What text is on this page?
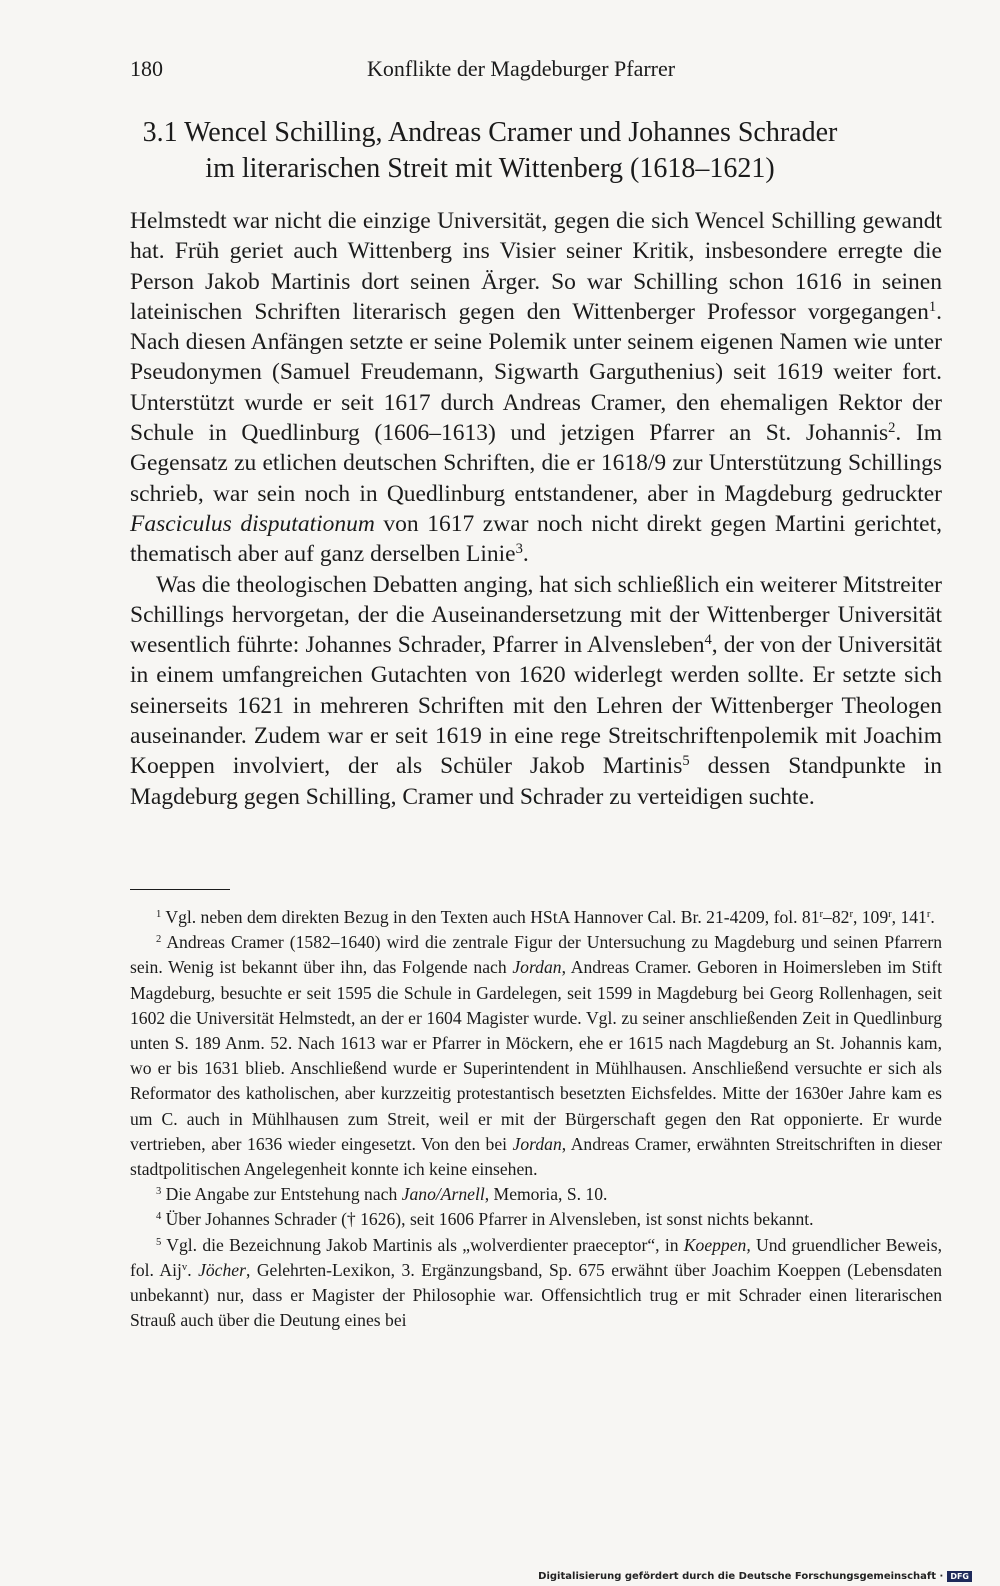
180	Konflikte der Magdeburger Pfarrer
3.1 Wencel Schilling, Andreas Cramer und Johannes Schrader
im literarischen Streit mit Wittenberg (1618–1621)

Helmstedt war nicht die einzige Universität, gegen die sich Wencel Schilling gewandt hat. Früh geriet auch Wittenberg ins Visier seiner Kritik, insbesondere erregte die Person Jakob Martinis dort seinen Ärger. So war Schilling schon 1616 in seinen lateinischen Schriften literarisch gegen den Wittenberger Professor vorgegangen$^1$. Nach diesen Anfängen setzte er seine Polemik unter seinem eigenen Namen wie unter Pseudonymen (Samuel Freudemann, Sigwarth Garguthenius) seit 1619 weiter fort. Unterstützt wurde er seit 1617 durch Andreas Cramer, den ehemaligen Rektor der Schule in Quedlinburg (1606–1613) und jetzigen Pfarrer an St. Johannis$^2$. Im Gegensatz zu etlichen deutschen Schriften, die er 1618/9 zur Unterstützung Schillings schrieb, war sein noch in Quedlinburg entstandener, aber in Magdeburg gedruckter Fasciculus disputationum von 1617 zwar noch nicht direkt gegen Martini gerichtet, thematisch aber auf ganz derselben Linie$^3$.

Was die theologischen Debatten anging, hat sich schließlich ein weiterer Mitstreiter Schillings hervorgetan, der die Auseinandersetzung mit der Wittenberger Universität wesentlich führte: Johannes Schrader, Pfarrer in Alvensleben$^4$, der von der Universität in einem umfangreichen Gutachten von 1620 widerlegt werden sollte. Er setzte sich seinerseits 1621 in mehreren Schriften mit den Lehren der Wittenberger Theologen auseinander. Zudem war er seit 1619 in eine rege Streitschriftenpolemik mit Joachim Koeppen involviert, der als Schüler Jakob Martinis$^5$ dessen Standpunkte in Magdeburg gegen Schilling, Cramer und Schrader zu verteidigen suchte.

$^1$ Vgl. neben dem direkten Bezug in den Texten auch HStA Hannover Cal. Br. 21-4209, fol. 81$^r$–82$^r$, 109$^r$, 141$^r$.

$^2$ Andreas Cramer (1582–1640) wird die zentrale Figur der Untersuchung zu Magdeburg und seinen Pfarrern sein. Wenig ist bekannt über ihn, das Folgende nach Jordan, Andreas Cramer. Geboren in Hoimersleben im Stift Magdeburg, besuchte er seit 1595 die Schule in Gardelegen, seit 1599 in Magdeburg bei Georg Rollenhagen, seit 1602 die Universität Helmstedt, an der er 1604 Magister wurde. Vgl. zu seiner anschließenden Zeit in Quedlinburg unten S. 189 Anm. 52. Nach 1613 war er Pfarrer in Möckern, ehe er 1615 nach Magdeburg an St. Johannis kam, wo er bis 1631 blieb. Anschließend wurde er Superintendent in Mühlhausen. Anschließend versuchte er sich als Reformator des katholischen, aber kurzzeitig protestantisch besetzten Eichsfeldes. Mitte der 1630er Jahre kam es um C. auch in Mühlhausen zum Streit, weil er mit der Bürgerschaft gegen den Rat opponierte. Er wurde vertrieben, aber 1636 wieder eingesetzt. Von den bei Jordan, Andreas Cramer, erwähnten Streitschriften in dieser stadtpolitischen Angelegenheit konnte ich keine einsehen.

$^3$ Die Angabe zur Entstehung nach Jano/Arnell, Memoria, S. 10.

$^4$ Über Johannes Schrader († 1626), seit 1606 Pfarrer in Alvensleben, ist sonst nichts bekannt.

$^5$ Vgl. die Bezeichnung Jakob Martinis als „wolverdienter praeceptor“, in Koeppen, Und gruendlicher Beweis, fol. Aij$^v$. Jöcher, Gelehrten-Lexikon, 3. Ergänzungsband, Sp. 675 erwähnt über Joachim Koeppen (Lebensdaten unbekannt) nur, dass er Magister der Philosophie war. Offensichtlich trug er mit Schrader einen literarischen Strauß auch über die Deutung eines bei

Digitalisierung gefördert durch die Deutsche Forschungsgemeinschaft · DFG
